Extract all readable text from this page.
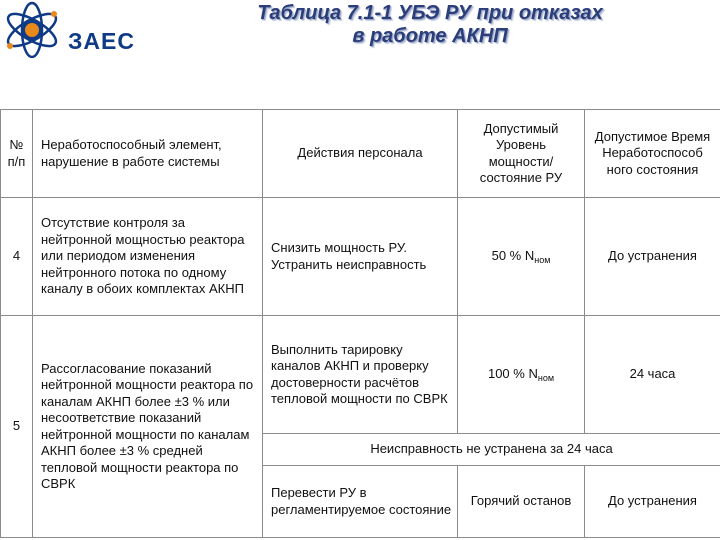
ЗАЕС
Таблица 7.1-1 УБЭ РУ при отказах
в работе АКНП
№ п/п	Неработоспособный элемент, нарушение в работе системы	Действия персонала	Допустимый Уровень мощности/ состояние РУ	Допустимое Время Неработоспособ ного состояния
4	Отсутствие контроля за нейтронной мощностью реактора или периодом изменения нейтронного потока по одному каналу в обоих комплектах АКНП	Снизить мощность РУ. Устранить неисправность	50 % $N_{ном}$	До устранения
5	Рассогласование показаний нейтронной мощности реактора по каналам АКНП более ±3 % или несоответствие показаний нейтронной мощности по каналам АКНП более ±3 % средней тепловой мощности реактора по СВРК	Выполнить тарировку каналов АКНП и проверку достоверности расчётов тепловой мощности по СВРК	100 % $N_{ном}$	24 часа
		Неисправность не устранена за 24 часа		
		Перевести РУ в регламентируемое состояние	Горячий останов	До устранения
